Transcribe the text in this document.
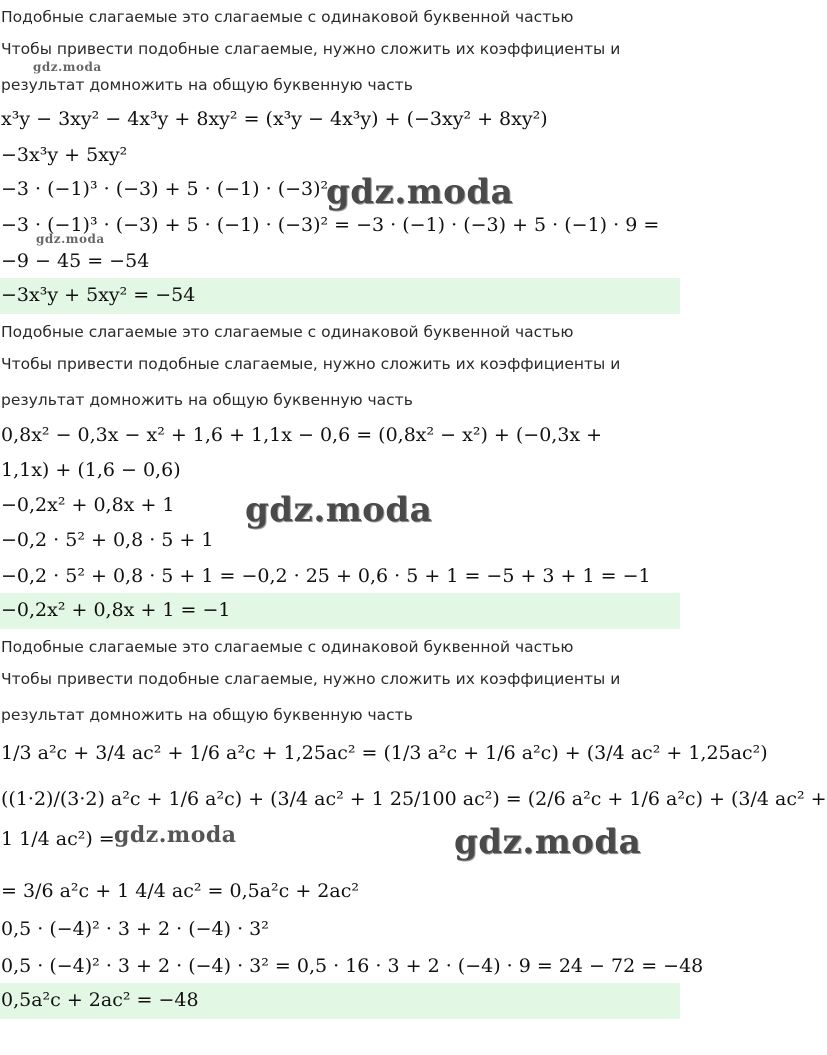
Подобные слагаемые это слагаемые с одинаковой буквенной частью
Чтобы привести подобные слагаемые, нужно сложить их коэффициенты и
результат домножить на общую буквенную часть
x³y − 3xy² − 4x³y + 8xy² = (x³y − 4x³y) + (−3xy² + 8xy²)
−3x³y + 5xy²
−3 · (−1)³ · (−3) + 5 · (−1) · (−3)²
−3 · (−1)³ · (−3) + 5 · (−1) · (−3)² = −3 · (−1) · (−3) + 5 · (−1) · 9 =
−9 − 45 = −54
−3x³y + 5xy² = −54
Подобные слагаемые это слагаемые с одинаковой буквенной частью
Чтобы привести подобные слагаемые, нужно сложить их коэффициенты и
результат домножить на общую буквенную часть
0,8x² − 0,3x − x² + 1,6 + 1,1x − 0,6 = (0,8x² − x²) + (−0,3x +
1,1x) + (1,6 − 0,6)
−0,2x² + 0,8x + 1
−0,2 · 5² + 0,8 · 5 + 1
−0,2 · 5² + 0,8 · 5 + 1 = −0,2 · 25 + 0,6 · 5 + 1 = −5 + 3 + 1 = −1
−0,2x² + 0,8x + 1 = −1
Подобные слагаемые это слагаемые с одинаковой буквенной частью
Чтобы привести подобные слагаемые, нужно сложить их коэффициенты и
результат домножить на общую буквенную часть
1/3 a²c + 3/4 ac² + 1/6 a²c + 1,25ac² = (1/3 a²c + 1/6 a²c) + (3/4 ac² + 1,25ac²)
((1·2)/(3·2) a²c + 1/6 a²c) + (3/4 ac² + 1 25/100 ac²) = (2/6 a²c + 1/6 a²c) + (3/4 ac² +
1 1/4 ac²) =
= 3/6 a²c + 1 4/4 ac² = 0,5a²c + 2ac²
0,5 · (−4)² · 3 + 2 · (−4) · 3²
0,5 · (−4)² · 3 + 2 · (−4) · 3² = 0,5 · 16 · 3 + 2 · (−4) · 9 = 24 − 72 = −48
0,5a²c + 2ac² = −48
gdz.moda
gdz.moda
gdz.moda
gdz.moda
gdz.moda	gdz.moda
